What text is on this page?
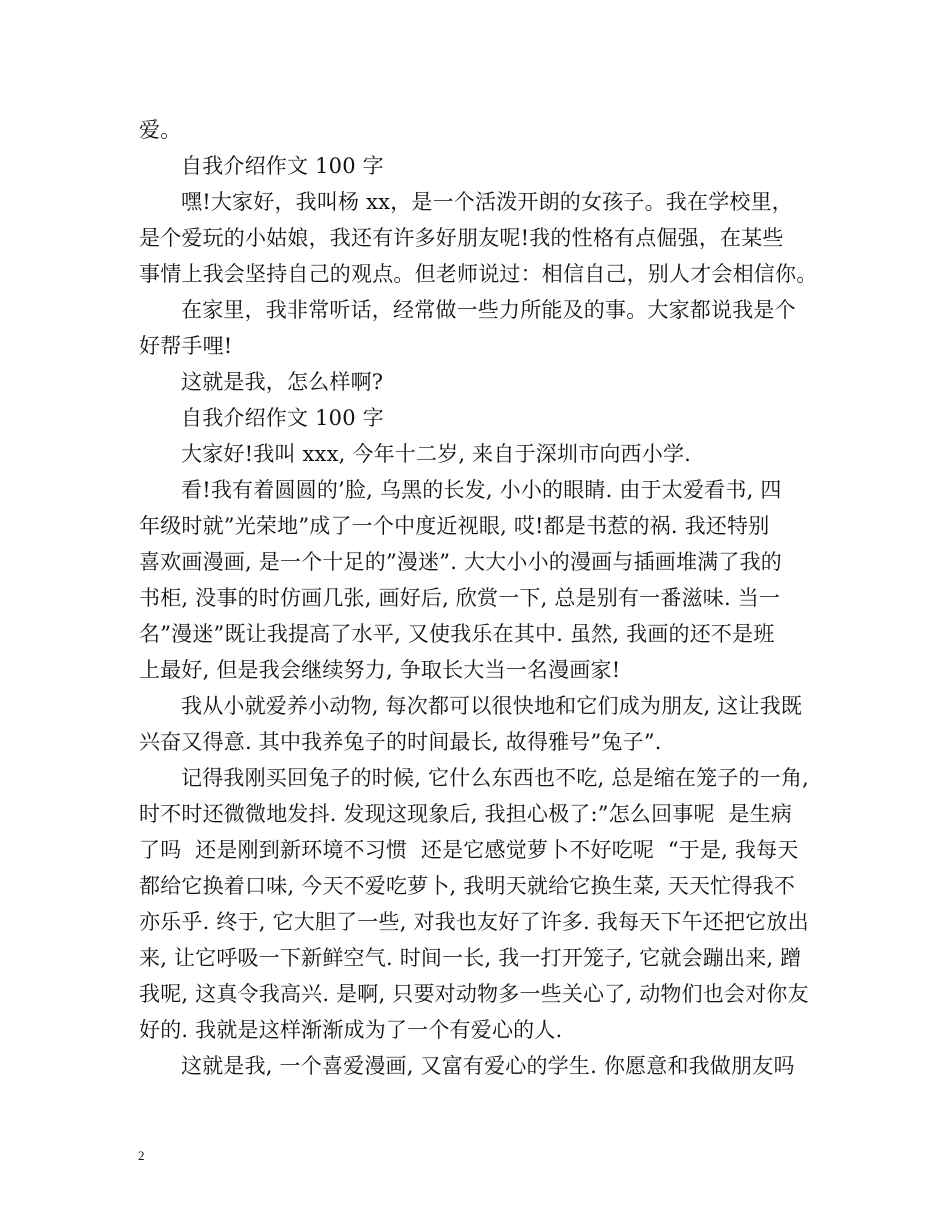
爱。
自我介绍作文 100 字
嘿!大家好，我叫杨 xx，是一个活泼开朗的女孩子。我在学校里，
是个爱玩的小姑娘，我还有许多好朋友呢!我的性格有点倔强，在某些
事情上我会坚持自己的观点。但老师说过：相信自己，别人才会相信你。
在家里，我非常听话，经常做一些力所能及的事。大家都说我是个
好帮手哩!
这就是我，怎么样啊?
自我介绍作文 100 字
大家好!我叫 xxx, 今年十二岁, 来自于深圳市向西小学.
看!我有着圆圆的’脸, 乌黑的长发, 小小的眼睛. 由于太爱看书, 四
年级时就”光荣地”成了一个中度近视眼, 哎!都是书惹的祸. 我还特别
喜欢画漫画, 是一个十足的”漫迷”. 大大小小的漫画与插画堆满了我的
书柜, 没事的时仿画几张, 画好后, 欣赏一下, 总是别有一番滋味. 当一
名”漫迷”既让我提高了水平, 又使我乐在其中. 虽然, 我画的还不是班
上最好, 但是我会继续努力, 争取长大当一名漫画家!
我从小就爱养小动物, 每次都可以很快地和它们成为朋友, 这让我既
兴奋又得意. 其中我养兔子的时间最长, 故得雅号”兔子”.
记得我刚买回兔子的时候, 它什么东西也不吃, 总是缩在笼子的一角,
时不时还微微地发抖. 发现这现象后, 我担心极了:”怎么回事呢  是生病
了吗  还是刚到新环境不习惯  还是它感觉萝卜不好吃呢  “于是, 我每天
都给它换着口味, 今天不爱吃萝卜, 我明天就给它换生菜, 天天忙得我不
亦乐乎. 终于, 它大胆了一些, 对我也友好了许多. 我每天下午还把它放出
来, 让它呼吸一下新鲜空气. 时间一长, 我一打开笼子, 它就会蹦出来, 蹭
我呢, 这真令我高兴. 是啊, 只要对动物多一些关心了, 动物们也会对你友
好的. 我就是这样渐渐成为了一个有爱心的人.
这就是我, 一个喜爱漫画, 又富有爱心的学生. 你愿意和我做朋友吗
2
